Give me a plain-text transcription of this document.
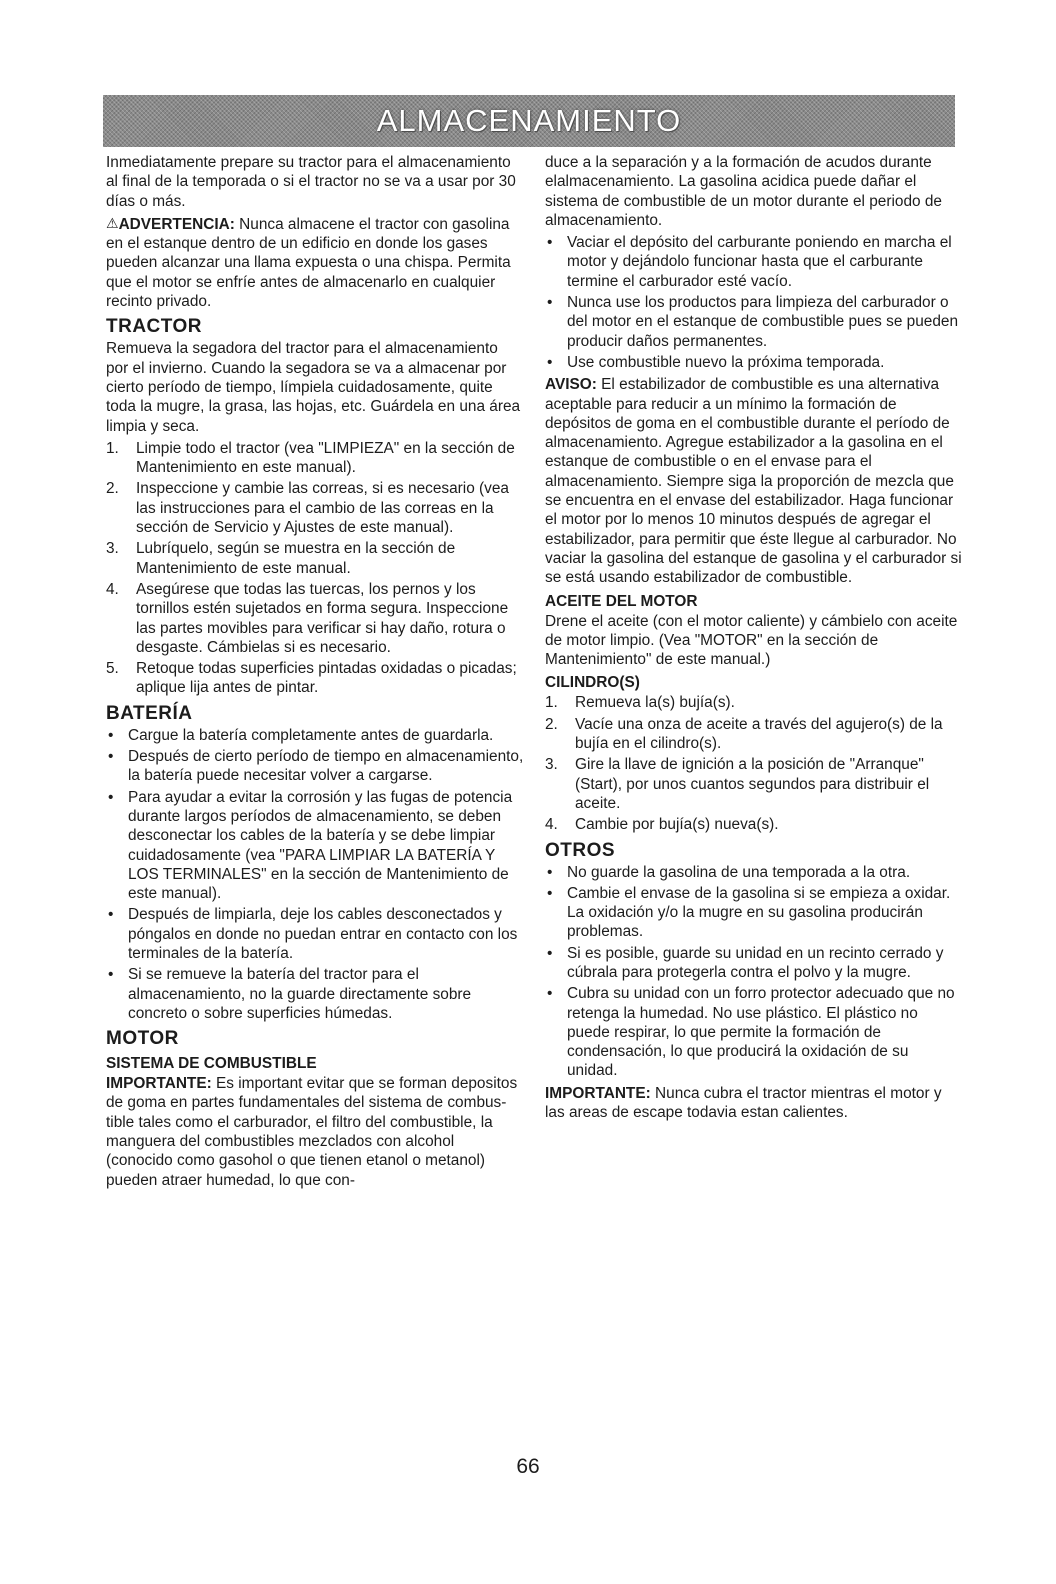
ALMACENAMIENTO

Inmediatamente prepare su tractor para el almacenamiento al final de la temporada o si el tractor no se va a usar por 30 días o más.

⚠ADVERTENCIA: Nunca almacene el tractor con gasolina en el estanque dentro de un edificio en donde los gases pueden alcanzar una llama expuesta o una chispa. Permita que el motor se enfríe antes de almacenarlo en cualquier recinto privado.

TRACTOR

Remueva la segadora del tractor para el almacenamiento por el invierno. Cuando la segadora se va a almacenar por cierto período de tiempo, límpiela cuidadosamente, quite toda la mugre, la grasa, las hojas, etc. Guárdela en una área limpia y seca.

1. Limpie todo el tractor (vea "LIMPIEZA" en la sección de Mantenimiento en este manual).
2. Inspeccione y cambie las correas, si es necesario (vea las instrucciones para el cambio de las correas en la sección de Servicio y Ajustes de este manual).
3. Lubríquelo, según se muestra en la sección de Mantenimiento de este manual.
4. Asegúrese que todas las tuercas, los pernos y los tornillos estén sujetados en forma segura. Inspeccione las partes movibles para verificar si hay daño, rotura o desgaste. Cámbielas si es necesario.
5. Retoque todas superficies pintadas oxidadas o picadas; aplique lija antes de pintar.
BATERÍA
• Cargue la batería completamente antes de guardarla.
• Después de cierto período de tiempo en almacenamiento, la batería puede necesitar volver a cargarse.
• Para ayudar a evitar la corrosión y las fugas de potencia durante largos períodos de almacenamiento, se deben desconectar los cables de la batería y se debe limpiar cuidadosamente (vea "PARA LIMPIAR LA BATERÍA Y LOS TERMINALES" en la sección de Mantenimiento de este manual).
• Después de limpiarla, deje los cables desconectados y póngalos en donde no puedan entrar en contacto con los terminales de la batería.
• Si se remueve la batería del tractor para el almacenamiento, no la guarde directamente sobre concreto o sobre superficies húmedas.
MOTOR
SISTEMA DE COMBUSTIBLE

IMPORTANTE: Es important evitar que se forman depositos de goma en partes fundamentales del sistema de combus-tible tales como el carburador, el filtro del combustible, la manguera del combustibles mezclados con alcohol (conocido como gasohol o que tienen etanol o metanol) pueden atraer humedad, lo que con-

duce a la separación y a la formación de acudos durante elalmacenamiento. La gasolina acidica puede dañar el sistema de combustible de un motor durante el periodo de almacenamiento.

• Vaciar el depósito del carburante poniendo en marcha el motor y dejándolo funcionar hasta que el carburante termine el carburador esté vacío.
• Nunca use los productos para limpieza del carburador o del motor en el estanque de combustible pues se pueden producir daños permanentes.
• Use combustible nuevo la próxima temporada.

AVISO: El estabilizador de combustible es una alternativa aceptable para reducir a un mínimo la formación de depósitos de goma en el combustible durante el período de almacenamiento. Agregue estabilizador a la gasolina en el estanque de combustible o en el envase para el almacenamiento. Siempre siga la proporción de mezcla que se encuentra en el envase del estabilizador. Haga funcionar el motor por lo menos 10 minutos después de agregar el estabilizador, para permitir que éste llegue al carburador. No vaciar la gasolina del estanque de gasolina y el carburador si se está usando estabilizador de combustible.

ACEITE DEL MOTOR

Drene el aceite (con el motor caliente) y cámbielo con aceite de motor limpio. (Vea "MOTOR" en la sección de Mantenimiento" de este manual.)

CILINDRO(S)
1. Remueva la(s) bujía(s).
2. Vacíe una onza de aceite a través del agujero(s) de la bujía en el cilindro(s).
3. Gire la llave de ignición a la posición de "Arranque" (Start), por unos cuantos segundos para distribuir el aceite.
4. Cambie por bujía(s) nueva(s).
OTROS
• No guarde la gasolina de una temporada a la otra.
• Cambie el envase de la gasolina si se empieza a oxidar. La oxidación y/o la mugre en su gasolina producirán problemas.
• Si es posible, guarde su unidad en un recinto cerrado y cúbrala para protegerla contra el polvo y la mugre.
• Cubra su unidad con un forro protector adecuado que no retenga la humedad. No use plástico. El plástico no puede respirar, lo que permite la formación de condensación, lo que producirá la oxidación de su unidad.

IMPORTANTE: Nunca cubra el tractor mientras el motor y las areas de escape todavia estan calientes.

66
